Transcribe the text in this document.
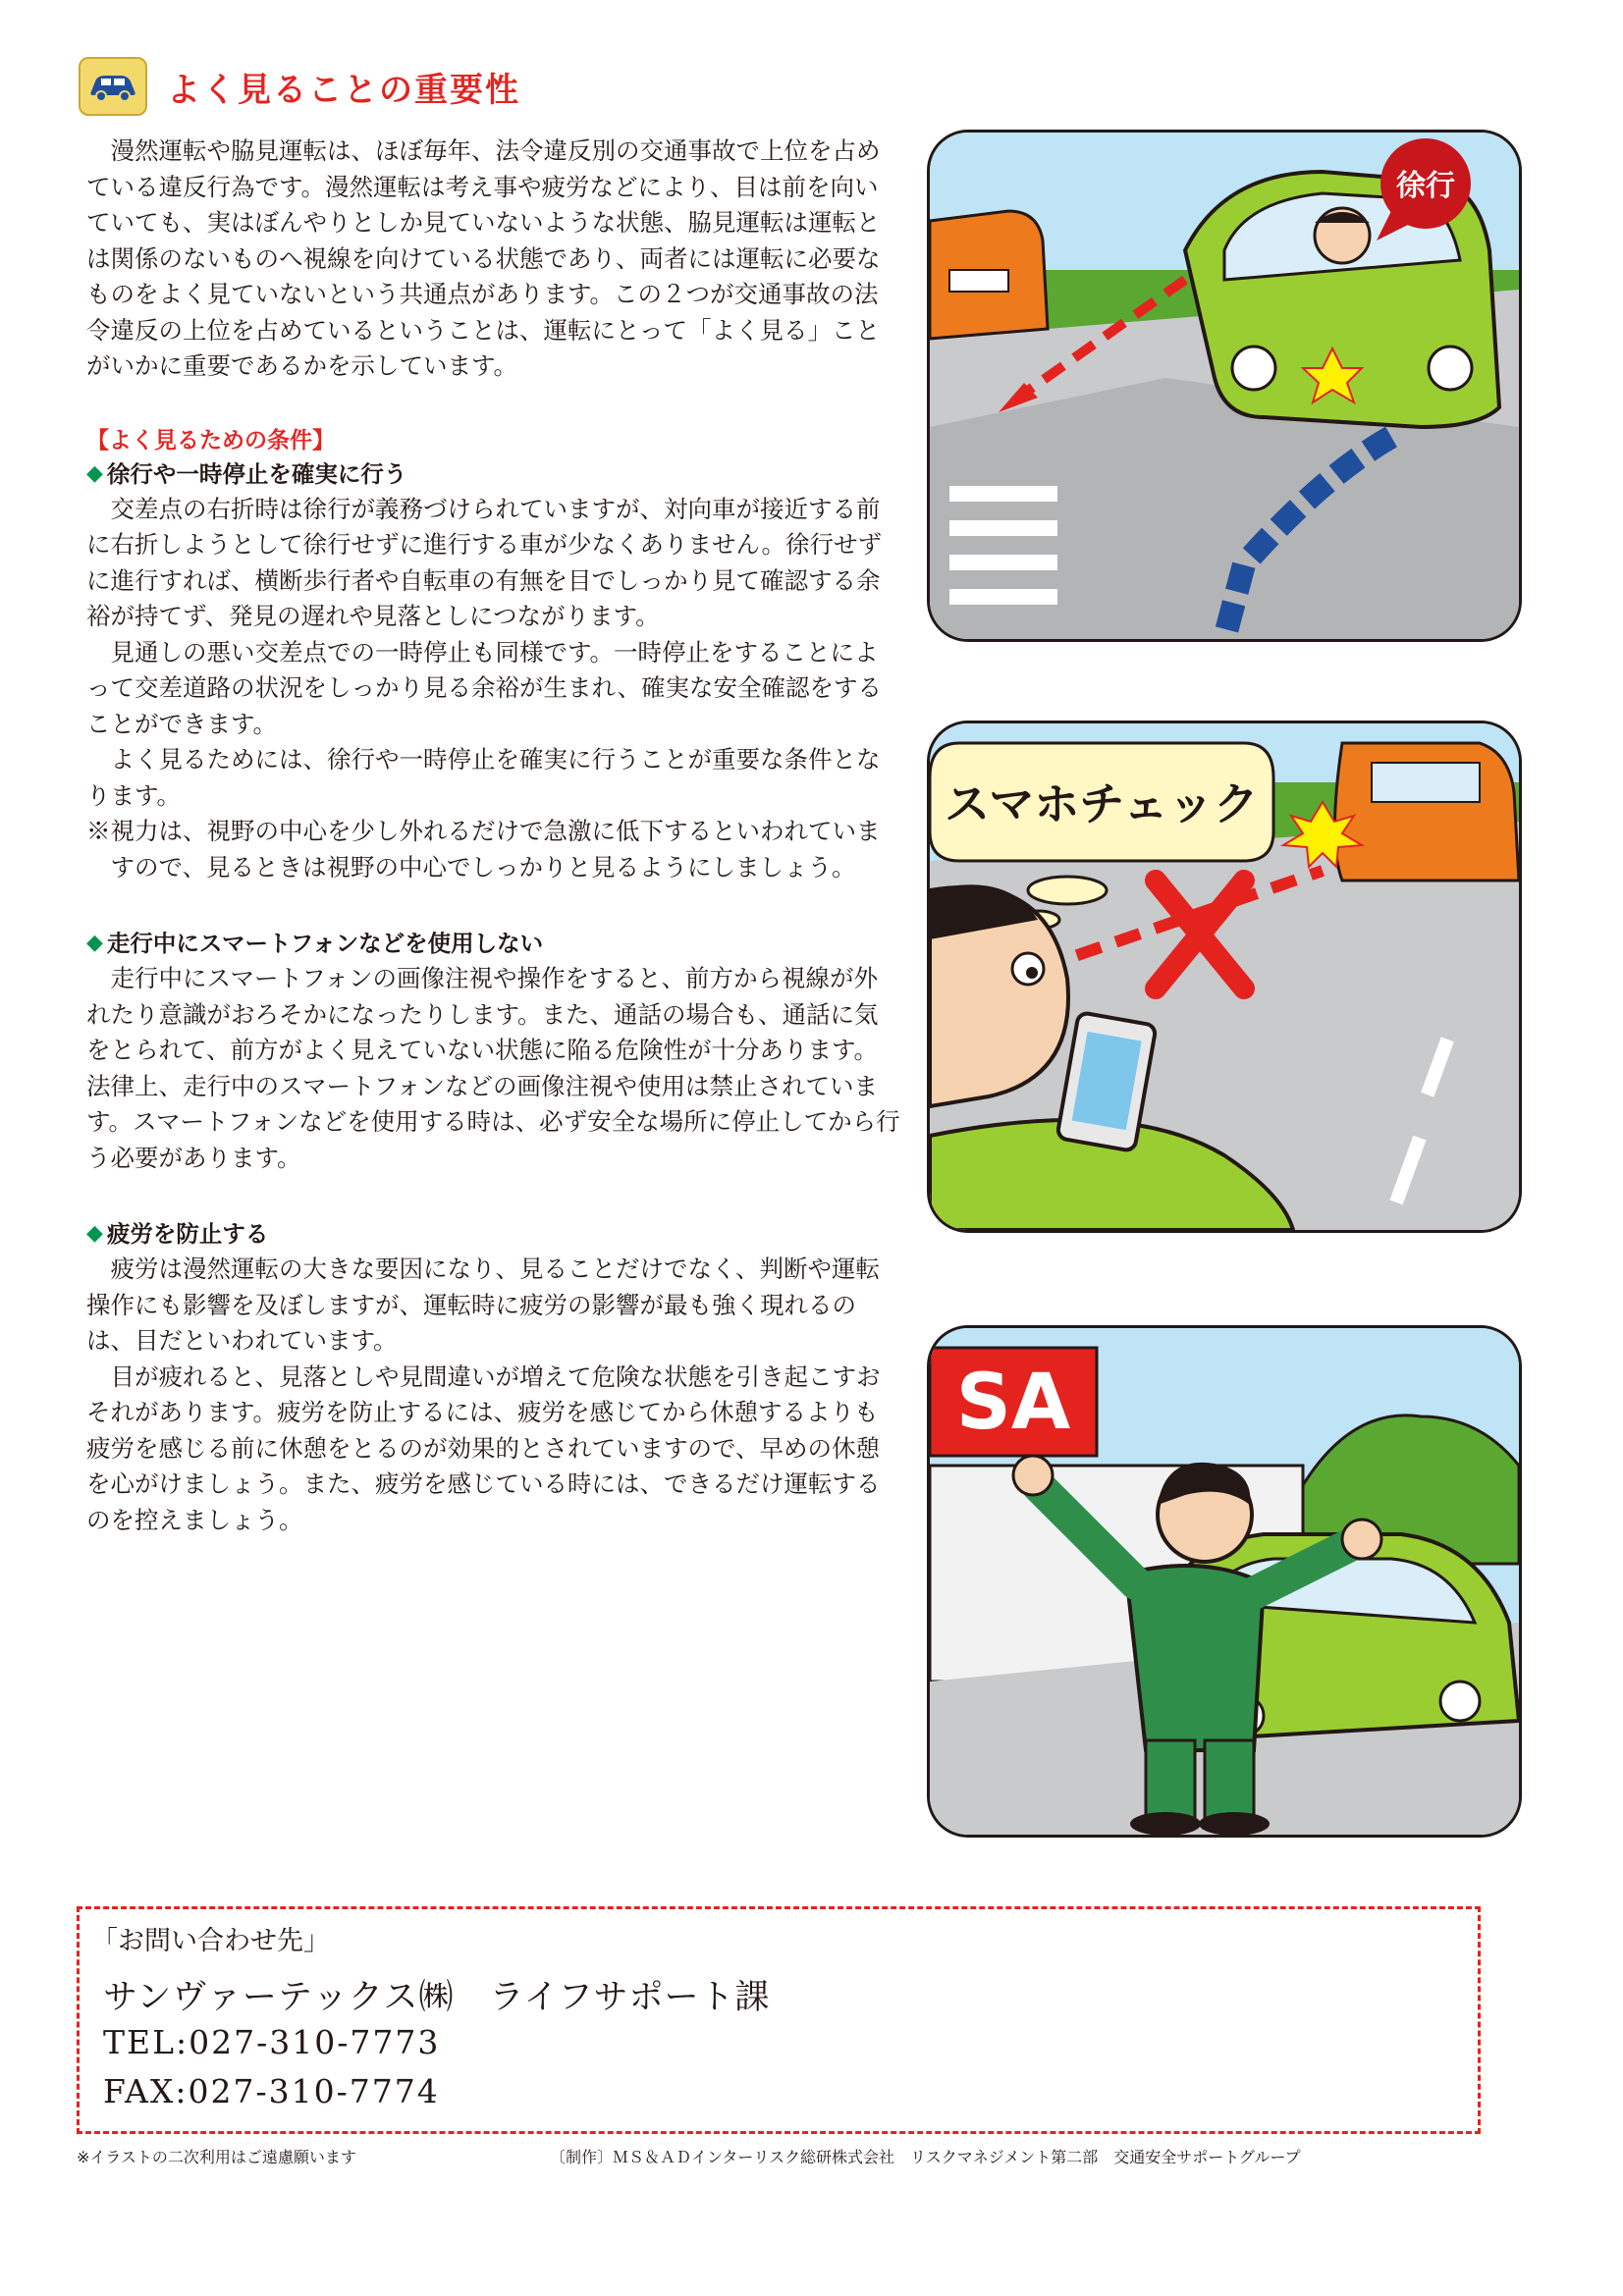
よく見ることの重要性

漫然運転や脇見運転は、ほぼ毎年、法令違反別の交通事故で上位を占めている違反行為です。漫然運転は考え事や疲労などにより、目は前を向いていても、実はぼんやりとしか見ていないような状態、脇見運転は運転とは関係のないものへ視線を向けている状態であり、両者には運転に必要なものをよく見ていないという共通点があります。この２つが交通事故の法令違反の上位を占めているということは、運転にとって「よく見る」ことがいかに重要であるかを示しています。

【よく見るための条件】
◆ 徐行や一時停止を確実に行う

交差点の右折時は徐行が義務づけられていますが、対向車が接近する前に右折しようとして徐行せずに進行する車が少なくありません。徐行せずに進行すれば、横断歩行者や自転車の有無を目でしっかり見て確認する余裕が持てず、発見の遅れや見落としにつながります。

見通しの悪い交差点での一時停止も同様です。一時停止をすることによって交差道路の状況をしっかり見る余裕が生まれ、確実な安全確認をすることができます。

よく見るためには、徐行や一時停止を確実に行うことが重要な条件となります。

※視力は、視野の中心を少し外れるだけで急激に低下するといわれていますので、見るときは視野の中心でしっかりと見るようにしましょう。

◆ 走行中にスマートフォンなどを使用しない

走行中にスマートフォンの画像注視や操作をすると、前方から視線が外れたり意識がおろそかになったりします。また、通話の場合も、通話に気をとられて、前方がよく見えていない状態に陥る危険性が十分あります。法律上、走行中のスマートフォンなどの画像注視や使用は禁止されています。スマートフォンなどを使用する時は、必ず安全な場所に停止してから行う必要があります。

◆ 疲労を防止する

疲労は漫然運転の大きな要因になり、見ることだけでなく、判断や運転操作にも影響を及ぼしますが、運転時に疲労の影響が最も強く現れるのは、目だといわれています。

目が疲れると、見落としや見間違いが増えて危険な状態を引き起こすおそれがあります。疲労を防止するには、疲労を感じてから休憩するよりも疲労を感じる前に休憩をとるのが効果的とされていますので、早めの休憩を心がけましょう。また、疲労を感じている時には、できるだけ運転するのを控えましょう。

徐行
スマホチェック
SA
「お問い合わせ先」
サンヴァーテックス㈱　ライフサポート課
TEL:027-310-7773
FAX:027-310-7774
※イラストの二次利用はご遠慮願います	〔制作〕ＭＳ＆ＡＤインターリスク総研株式会社　リスクマネジメント第二部　交通安全サポートグループ
